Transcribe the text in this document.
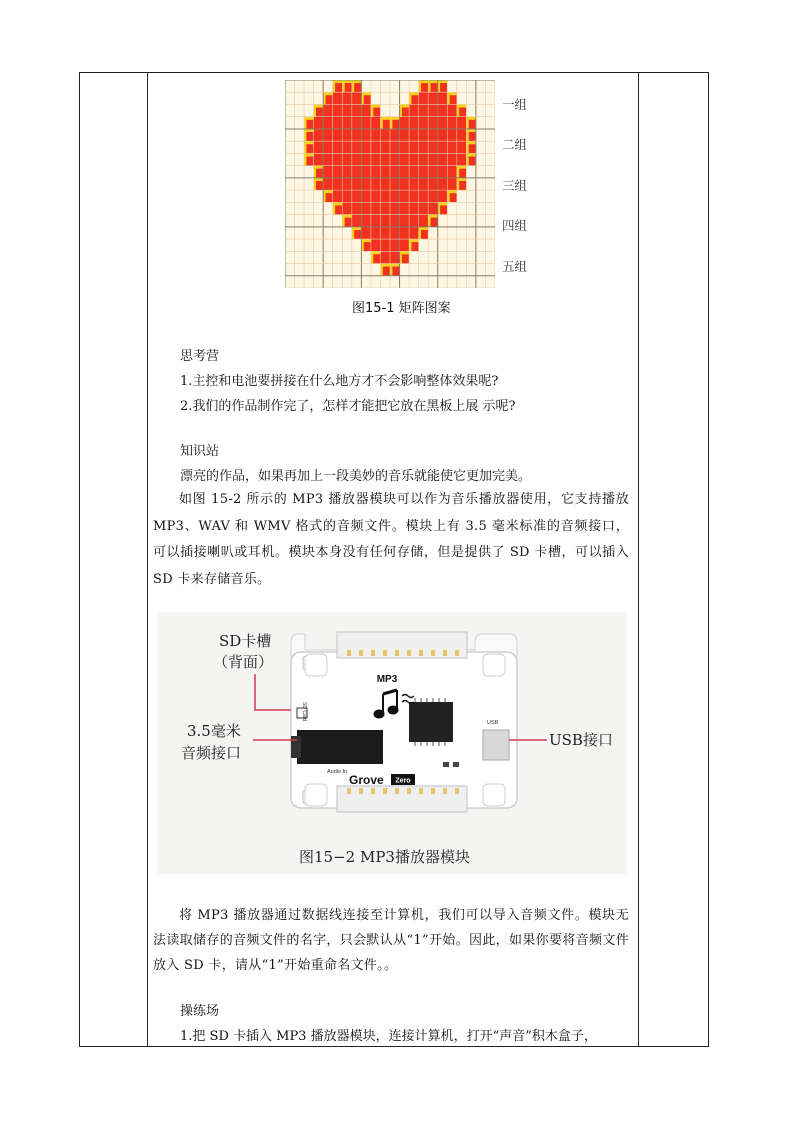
一组
二组
三组
四组
五组
图15-1 矩阵图案
思考营
1.主控和电池要拼接在什么地方才不会影响整体效果呢?
2.我们的作品制作完了，怎样才能把它放在黑板上展 示呢?
知识站
漂亮的作品，如果再加上一段美妙的音乐就能使它更加完美。
如图 15-2 所示的 MP3 播放器模块可以作为音乐播放器使用，它支持播放 MP3、WAV 和 WMV 格式的音频文件。模块上有 3.5 毫米标准的音频接口，可以插接喇叭或耳机。模块本身没有任何存储，但是提供了 SD 卡槽，可以插入 SD 卡来存储音乐。
MP3
Grove Zero
Audio In
USB
SD Card
SD卡槽
（背面）
3.5毫米
音频接口
USB接口
图15−2 MP3播放器模块
将 MP3 播放器通过数据线连接至计算机，我们可以导入音频文件。模块无法读取储存的音频文件的名字，只会默认从“1”开始。因此，如果你要将音频文件放入 SD 卡，请从“1”开始重命名文件。。
操练场
1.把 SD 卡插入 MP3 播放器模块，连接计算机，打开“声音”积木盒子，
